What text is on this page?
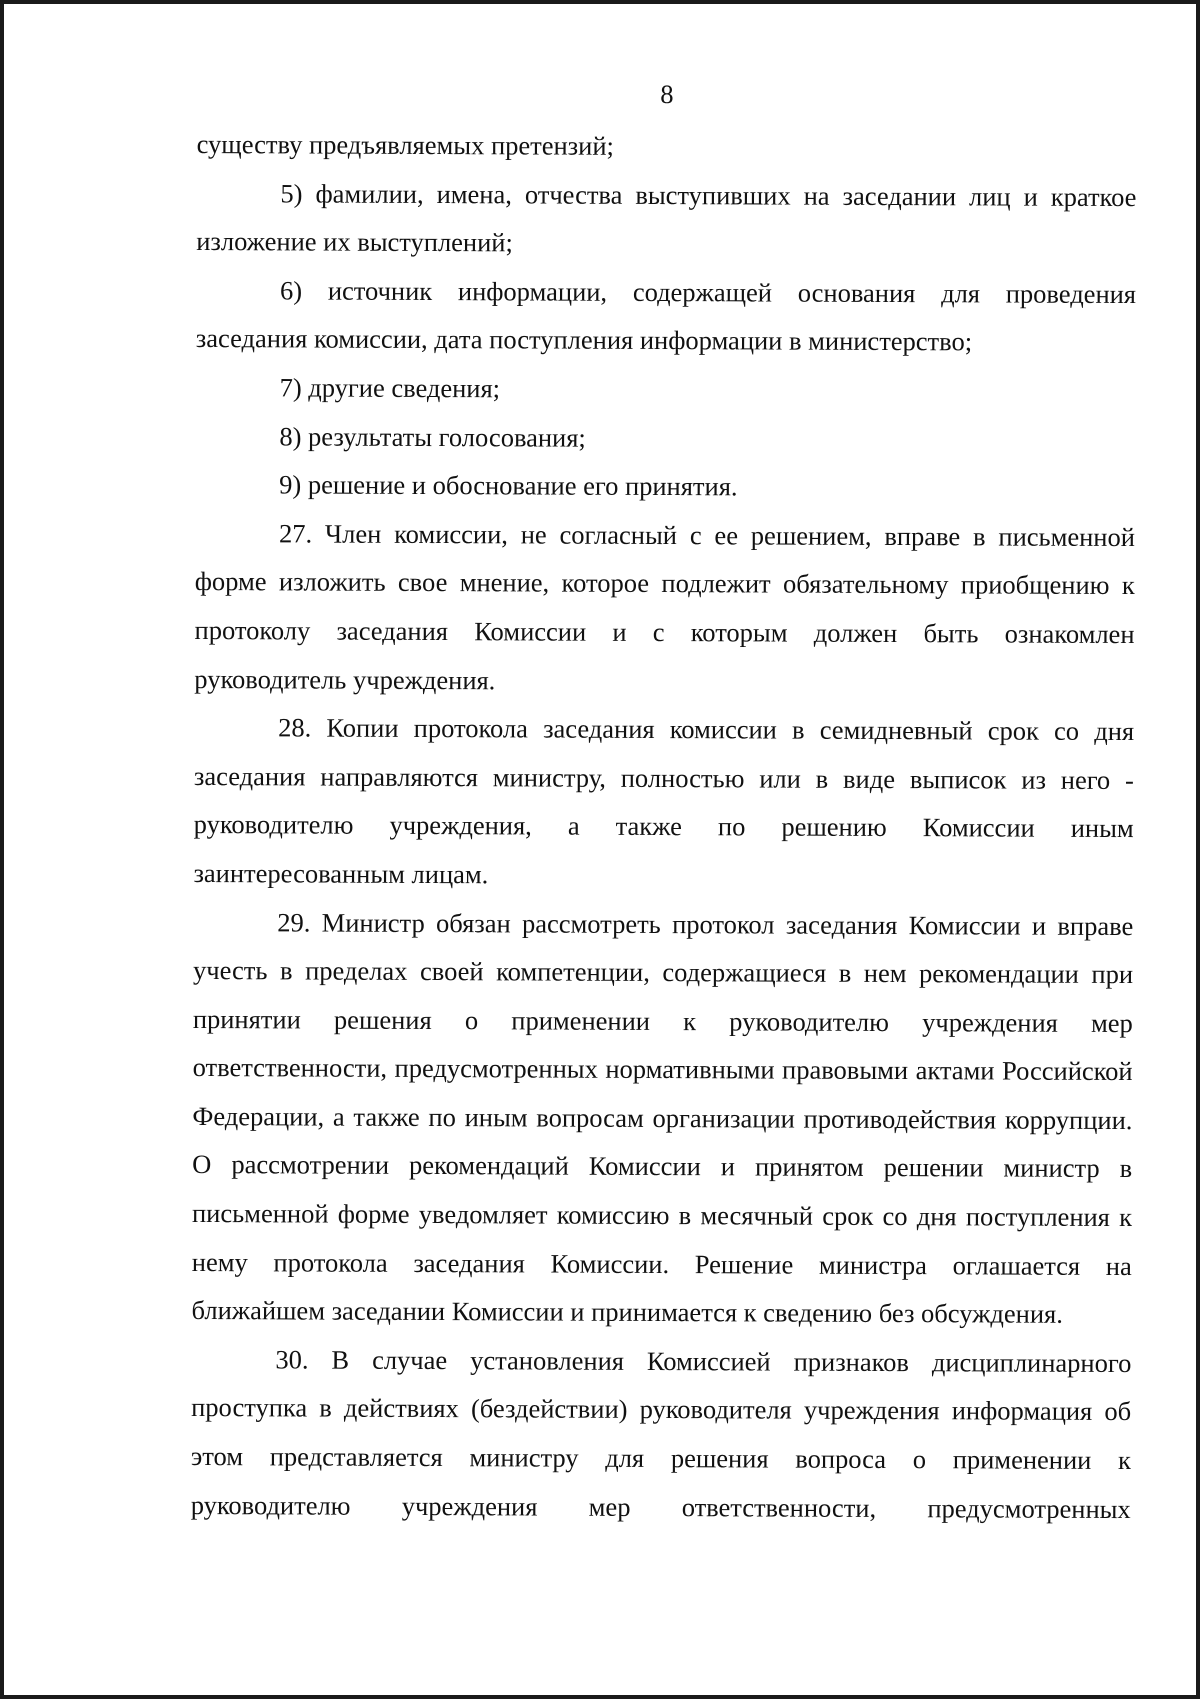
8

существу предъявляемых претензий;

5) фамилии, имена, отчества выступивших на заседании лиц и краткое изложение их выступлений;

6) источник информации, содержащей основания для проведения заседания комиссии, дата поступления информации в министерство;

7) другие сведения;

8) результаты голосования;

9) решение и обоснование его принятия.

27. Член комиссии, не согласный с ее решением, вправе в письменной форме изложить свое мнение, которое подлежит обязательному приобщению к протоколу заседания Комиссии и с которым должен быть ознакомлен руководитель учреждения.

28. Копии протокола заседания комиссии в семидневный срок со дня заседания направляются министру, полностью или в виде выписок из него - руководителю учреждения, а также по решению Комиссии иным заинтересованным лицам.

29. Министр обязан рассмотреть протокол заседания Комиссии и вправе учесть в пределах своей компетенции, содержащиеся в нем рекомендации при принятии решения о применении к руководителю учреждения мер ответственности, предусмотренных нормативными правовыми актами Российской Федерации, а также по иным вопросам организации противодействия коррупции. О рассмотрении рекомендаций Комиссии и принятом решении министр в письменной форме уведомляет комиссию в месячный срок со дня поступления к нему протокола заседания Комиссии. Решение министра оглашается на ближайшем заседании Комиссии и принимается к сведению без обсуждения.

30. В случае установления Комиссией признаков дисциплинарного проступка в действиях (бездействии) руководителя учреждения информация об этом представляется министру для решения вопроса о применении к руководителю учреждения мер ответственности, предусмотренных
